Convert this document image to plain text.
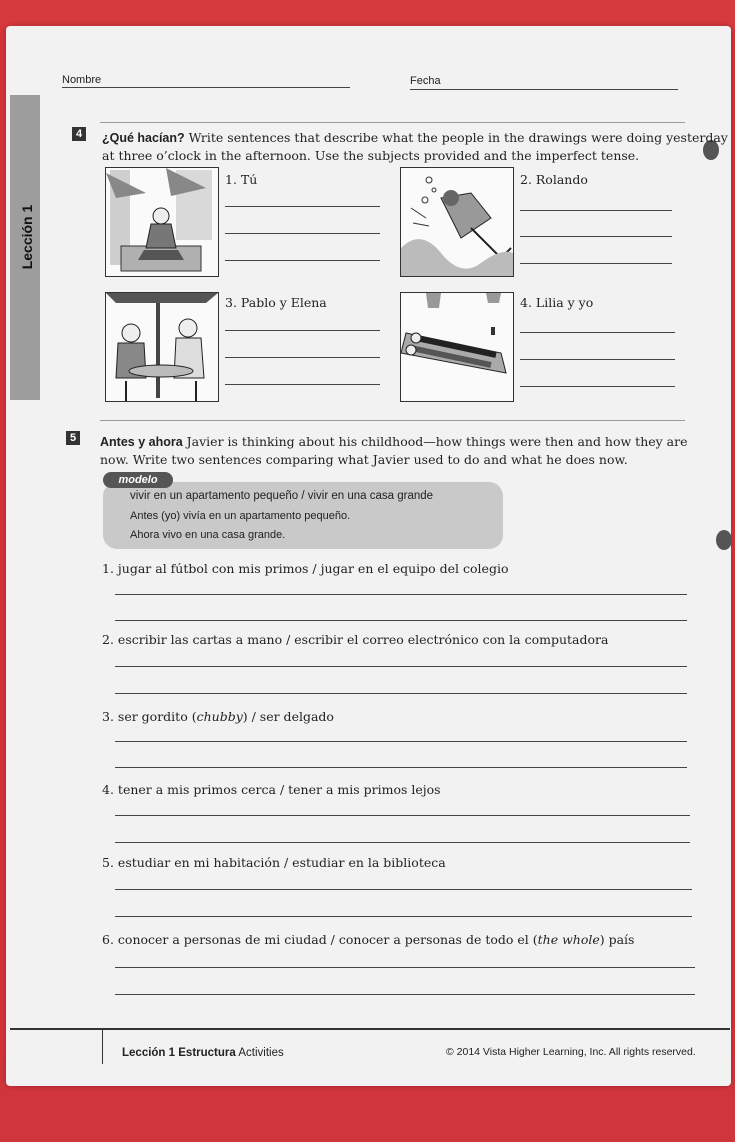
Nombre	Fecha
Lección 1
4	¿Qué hacían? Write sentences that describe what the people in the drawings were doing yesterday
at three o’clock in the afternoon. Use the subjects provided and the imperfect tense.
1. Tú	2. Rolando
3. Pablo y Elena	4. Lilia y yo
5	Antes y ahora Javier is thinking about his childhood—how things were then and how they are
now. Write two sentences comparing what Javier used to do and what he does now.
modelo
vivir en un apartamento pequeño / vivir en una casa grande
Antes (yo) vivía en un apartamento pequeño.
Ahora vivo en una casa grande.
1. jugar al fútbol con mis primos / jugar en el equipo del colegio
2. escribir las cartas a mano / escribir el correo electrónico con la computadora
3. ser gordito (chubby) / ser delgado
4. tener a mis primos cerca / tener a mis primos lejos
5. estudiar en mi habitación / estudiar en la biblioteca
6. conocer a personas de mi ciudad / conocer a personas de todo el (the whole) país
Lección 1 Estructura Activities	© 2014 Vista Higher Learning, Inc. All rights reserved.
